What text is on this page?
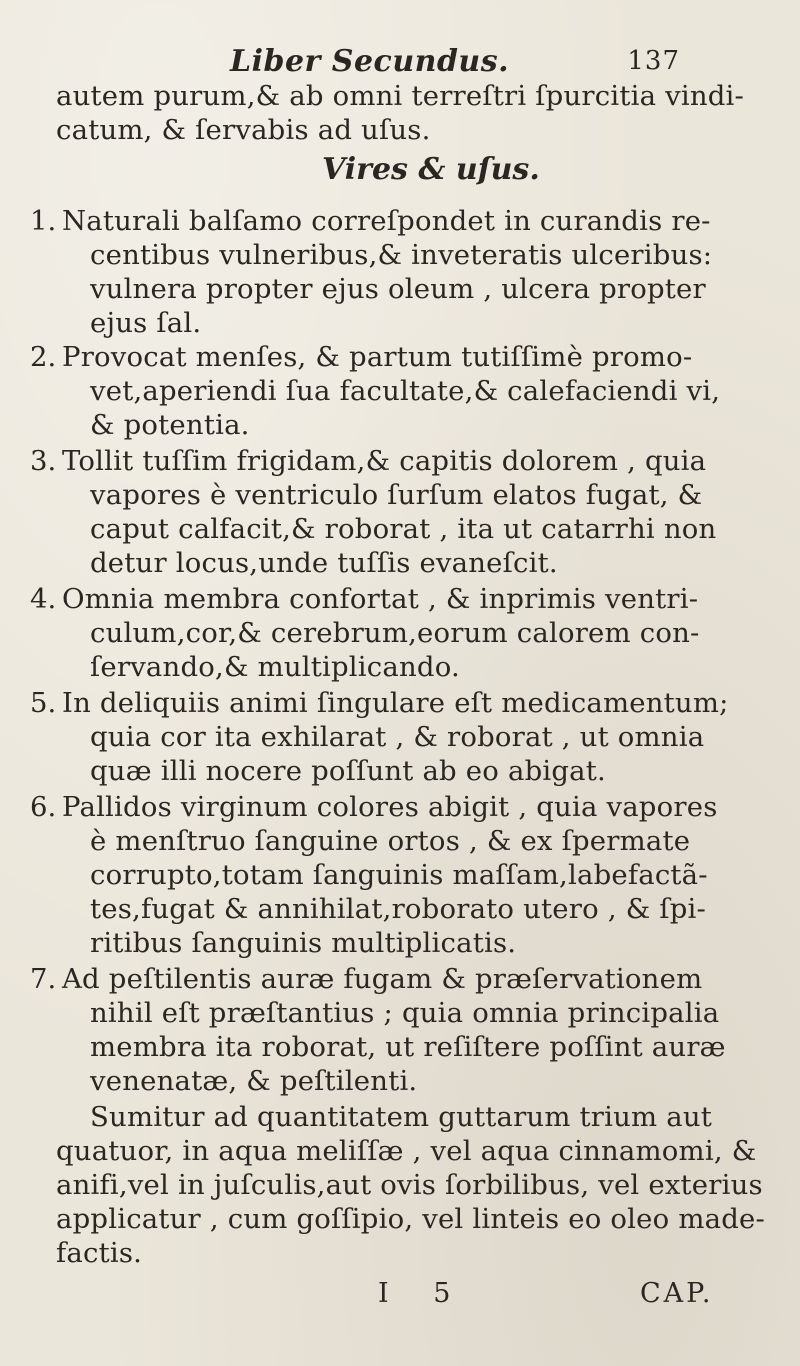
Liber Secundus.	137
autem purum,& ab omni terreſtri ſpurcitia vindi-
catum, & ſervabis ad uſus.
Vires & uſus.
1. Naturali balſamo correſpondet in curandis re-
centibus vulneribus,& inveteratis ulceribus:
vulnera propter ejus oleum , ulcera propter
ejus ſal.
2. Provocat menſes, & partum tutiſſimè promo-
vet,aperiendi ſua facultate,& calefaciendi vi,
& potentia.
3. Tollit tuſſim frigidam,& capitis dolorem , quia
vapores è ventriculo ſurſum elatos fugat, &
caput calfacit,& roborat , ita ut catarrhi non
detur locus,unde tuſſis evaneſcit.
4. Omnia membra confortat , & inprimis ventri-
culum,cor,& cerebrum,eorum calorem con-
ſervando,& multiplicando.
5. In deliquiis animi ſingulare eſt medicamentum;
quia cor ita exhilarat , & roborat , ut omnia
quæ illi nocere poſſunt ab eo abigat.
6. Pallidos virginum colores abigit , quia vapores
è menſtruo ſanguine ortos , & ex ſpermate
corrupto,totam ſanguinis maſſam,labefactã-
tes,fugat & annihilat,roborato utero , & ſpi-
ritibus ſanguinis multiplicatis.
7. Ad peſtilentis auræ fugam & præſervationem
nihil eſt præſtantius ; quia omnia principalia
membra ita roborat, ut reſiſtere poſſint auræ
venenatæ, & peſtilenti.
Sumitur ad quantitatem guttarum trium aut
quatuor, in aqua meliſſæ , vel aqua cinnamomi, &
anifi,vel in juſculis,aut ovis ſorbilibus, vel exterius
applicatur , cum goſſipio, vel linteis eo oleo made-
factis.
I 5	CAP.
